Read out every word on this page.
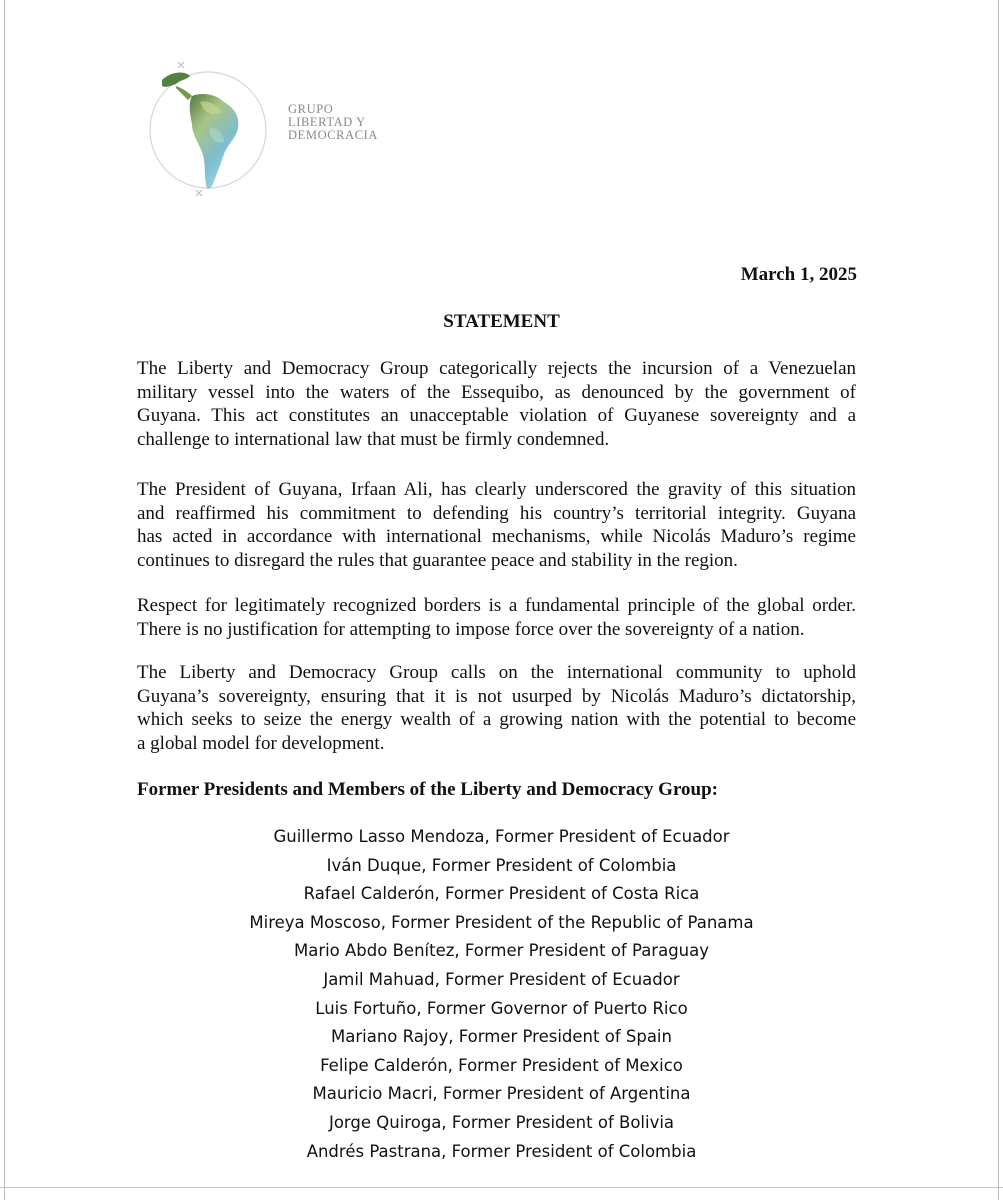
GRUPO
LIBERTAD Y
DEMOCRACIA
March 1, 2025
STATEMENT
The Liberty and Democracy Group categorically rejects the incursion of a Venezuelan
military vessel into the waters of the Essequibo, as denounced by the government of
Guyana. This act constitutes an unacceptable violation of Guyanese sovereignty and a
challenge to international law that must be firmly condemned.
The President of Guyana, Irfaan Ali, has clearly underscored the gravity of this situation
and reaffirmed his commitment to defending his country’s territorial integrity. Guyana
has acted in accordance with international mechanisms, while Nicolás Maduro’s regime
continues to disregard the rules that guarantee peace and stability in the region.
Respect for legitimately recognized borders is a fundamental principle of the global order.
There is no justification for attempting to impose force over the sovereignty of a nation.
The Liberty and Democracy Group calls on the international community to uphold
Guyana’s sovereignty, ensuring that it is not usurped by Nicolás Maduro’s dictatorship,
which seeks to seize the energy wealth of a growing nation with the potential to become
a global model for development.
Former Presidents and Members of the Liberty and Democracy Group:
Guillermo Lasso Mendoza, Former President of Ecuador
Iván Duque, Former President of Colombia
Rafael Calderón, Former President of Costa Rica
Mireya Moscoso, Former President of the Republic of Panama
Mario Abdo Benítez, Former President of Paraguay
Jamil Mahuad, Former President of Ecuador
Luis Fortuño, Former Governor of Puerto Rico
Mariano Rajoy, Former President of Spain
Felipe Calderón, Former President of Mexico
Mauricio Macri, Former President of Argentina
Jorge Quiroga, Former President of Bolivia
Andrés Pastrana, Former President of Colombia
